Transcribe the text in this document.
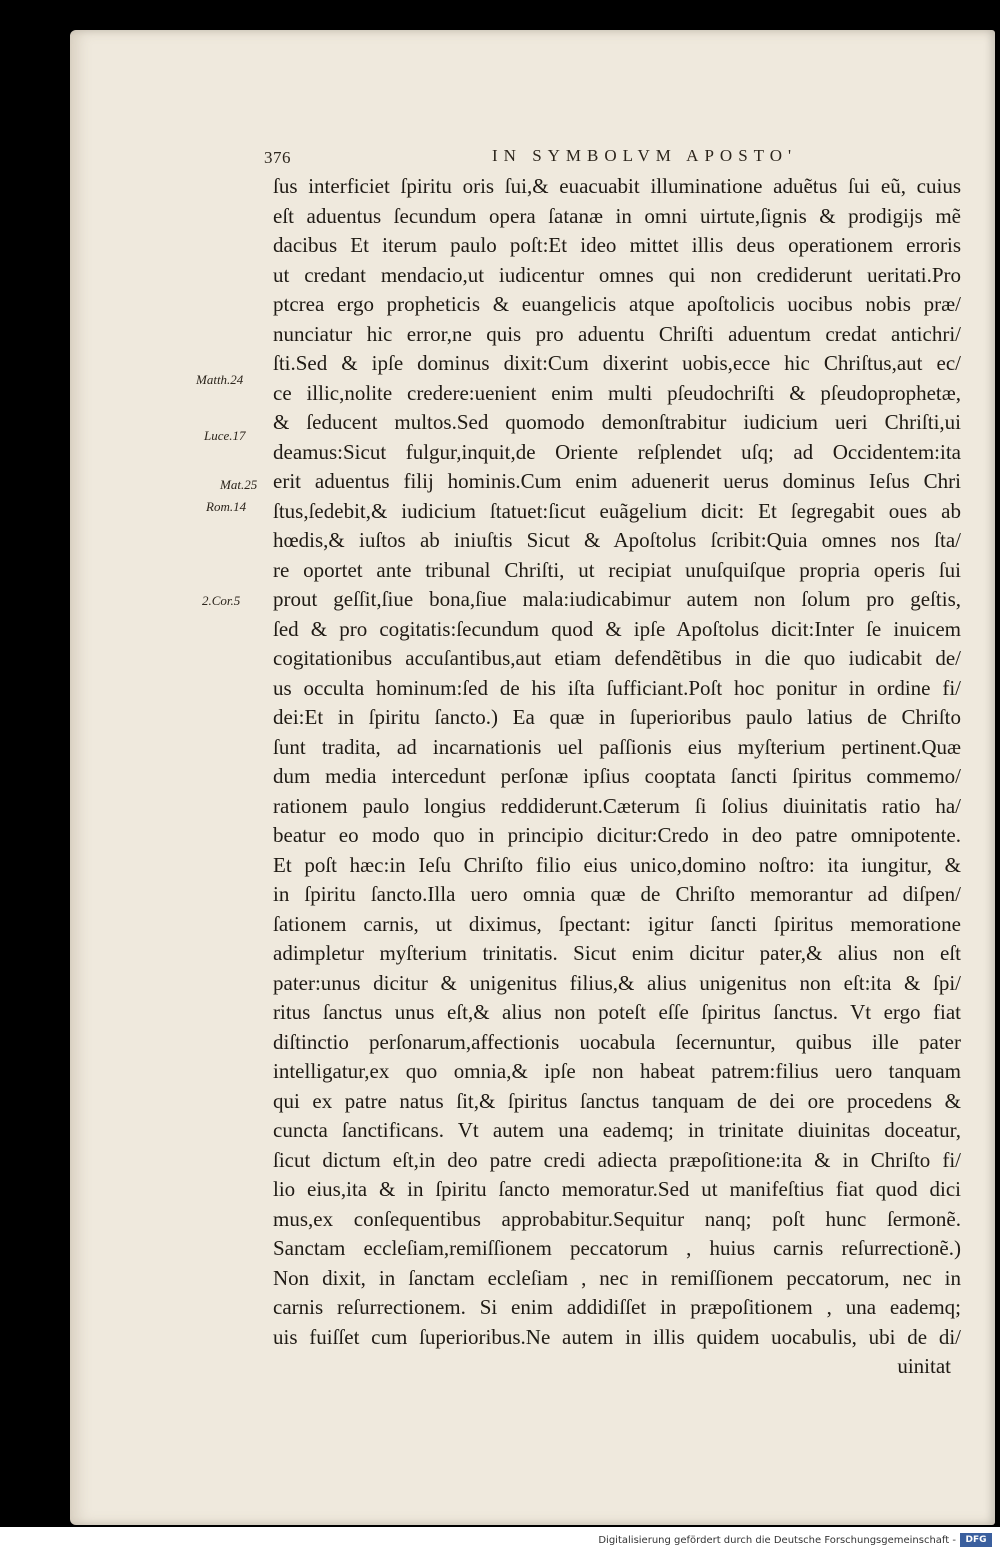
376	IN SYMBOLVM APOSTO'
Matth.24
Luce.17
Mat.25
Rom.14
2.Cor.5
ſus interficiet ſpiritu oris ſui,& euacuabit illuminatione aduẽtus ſui eũ, cuius
eſt aduentus ſecundum opera ſatanæ in omni uirtute,ſignis & prodigijs mẽ
dacibus Et iterum paulo poſt:Et ideo mittet illis deus operationem erroris
ut credant mendacio,ut iudicentur omnes qui non crediderunt ueritati.Pro
ptcrea ergo propheticis & euangelicis atque apoſtolicis uocibus nobis præ/
nunciatur hic error,ne quis pro aduentu Chriſti aduentum credat antichri/
ſti.Sed & ipſe dominus dixit:Cum dixerint uobis,ecce hic Chriſtus,aut ec/
ce illic,nolite credere:uenient enim multi pſeudochriſti & pſeudoprophetæ,
& ſeducent multos.Sed quomodo demonſtrabitur iudicium ueri Chriſti,ui
deamus:Sicut fulgur,inquit,de Oriente reſplendet uſq; ad Occidentem:ita
erit aduentus filij hominis.Cum enim aduenerit uerus dominus Ieſus Chri
ſtus,ſedebit,& iudicium ſtatuet:ſicut euãgelium dicit: Et ſegregabit oues ab
hœdis,& iuſtos ab iniuſtis Sicut & Apoſtolus ſcribit:Quia omnes nos ſta/
re oportet ante tribunal Chriſti, ut recipiat unuſquiſque propria operis ſui
prout geſſit,ſiue bona,ſiue mala:iudicabimur autem non ſolum pro geſtis,
ſed & pro cogitatis:ſecundum quod & ipſe Apoſtolus dicit:Inter ſe inuicem
cogitationibus accuſantibus,aut etiam defendẽtibus in die quo iudicabit de/
us occulta hominum:ſed de his iſta ſufficiant.Poſt hoc ponitur in ordine fi/
dei:Et in ſpiritu ſancto.) Ea quæ in ſuperioribus paulo latius de Chriſto
ſunt tradita, ad incarnationis uel paſſionis eius myſterium pertinent.Quæ
dum media intercedunt perſonæ ipſius cooptata ſancti ſpiritus commemo/
rationem paulo longius reddiderunt.Cæterum ſi ſolius diuinitatis ratio ha/
beatur eo modo quo in principio dicitur:Credo in deo patre omnipotente.
Et poſt hæc:in Ieſu Chriſto filio eius unico,domino noſtro: ita iungitur, &
in ſpiritu ſancto.Illa uero omnia quæ de Chriſto memorantur ad diſpen/
ſationem carnis, ut diximus, ſpectant: igitur ſancti ſpiritus memoratione
adimpletur myſterium trinitatis. Sicut enim dicitur pater,& alius non eſt
pater:unus dicitur & unigenitus filius,& alius unigenitus non eſt:ita & ſpi/
ritus ſanctus unus eſt,& alius non poteſt eſſe ſpiritus ſanctus. Vt ergo fiat
diſtinctio perſonarum,affectionis uocabula ſecernuntur, quibus ille pater
intelligatur,ex quo omnia,& ipſe non habeat patrem:filius uero tanquam
qui ex patre natus ſit,& ſpiritus ſanctus tanquam de dei ore procedens &
cuncta ſanctificans. Vt autem una eademq; in trinitate diuinitas doceatur,
ſicut dictum eſt,in deo patre credi adiecta præpoſitione:ita & in Chriſto fi/
lio eius,ita & in ſpiritu ſancto memoratur.Sed ut manifeſtius fiat quod dici
mus,ex conſequentibus approbabitur.Sequitur nanq; poſt hunc ſermonẽ.
Sanctam eccleſiam,remiſſionem peccatorum , huius carnis reſurrectionẽ.)
Non dixit, in ſanctam eccleſiam , nec in remiſſionem peccatorum, nec in
carnis reſurrectionem. Si enim addidiſſet in præpoſitionem , una eademq;
uis fuiſſet cum ſuperioribus.Ne autem in illis quidem uocabulis, ubi de di/
uinitat
Digitalisierung gefördert durch die Deutsche Forschungsgemeinschaft -	DFG
